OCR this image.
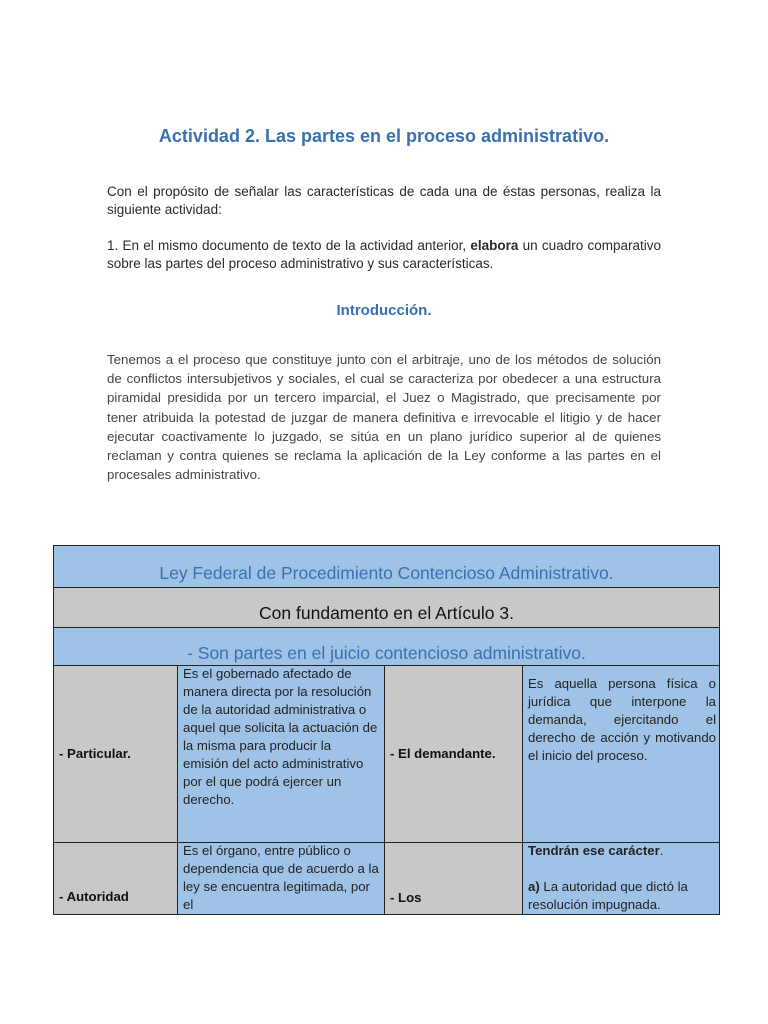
Actividad 2. Las partes en el proceso administrativo.
Con el propósito de señalar las características de cada una de éstas personas, realiza la siguiente actividad:
1. En el mismo documento de texto de la actividad anterior, elabora un cuadro comparativo sobre las partes del proceso administrativo y sus características.
Introducción.
Tenemos a el proceso que constituye junto con el arbitraje, uno de los métodos de solución de conflictos intersubjetivos y sociales, el cual se caracteriza por obedecer a una estructura piramidal presidida por un tercero imparcial, el Juez o Magistrado, que precisamente por tener atribuida la potestad de juzgar de manera definitiva e irrevocable el litigio y de hacer ejecutar coactivamente lo juzgado, se sitúa en un plano jurídico superior al de quienes reclaman y contra quienes se reclama la aplicación de la Ley conforme a las partes en el procesales administrativo.
Ley Federal de Procedimiento Contencioso Administrativo.
Con fundamento en el Artículo 3.
- Son partes en el juicio contencioso administrativo.
- Particular.
Es el gobernado afectado de manera directa por la resolución de la autoridad administrativa o aquel que solicita la actuación de la misma para producir la emisión del acto administrativo por el que podrá ejercer un derecho.
- El demandante.
Es aquella persona física o jurídica que interpone la demanda, ejercitando el derecho de acción y motivando el inicio del proceso.
- Autoridad
Es el órgano, entre público o dependencia que de acuerdo a la ley se encuentra legitimada, por el	- Los
Tendrán ese carácter.
a) La autoridad que dictó la resolución impugnada.
